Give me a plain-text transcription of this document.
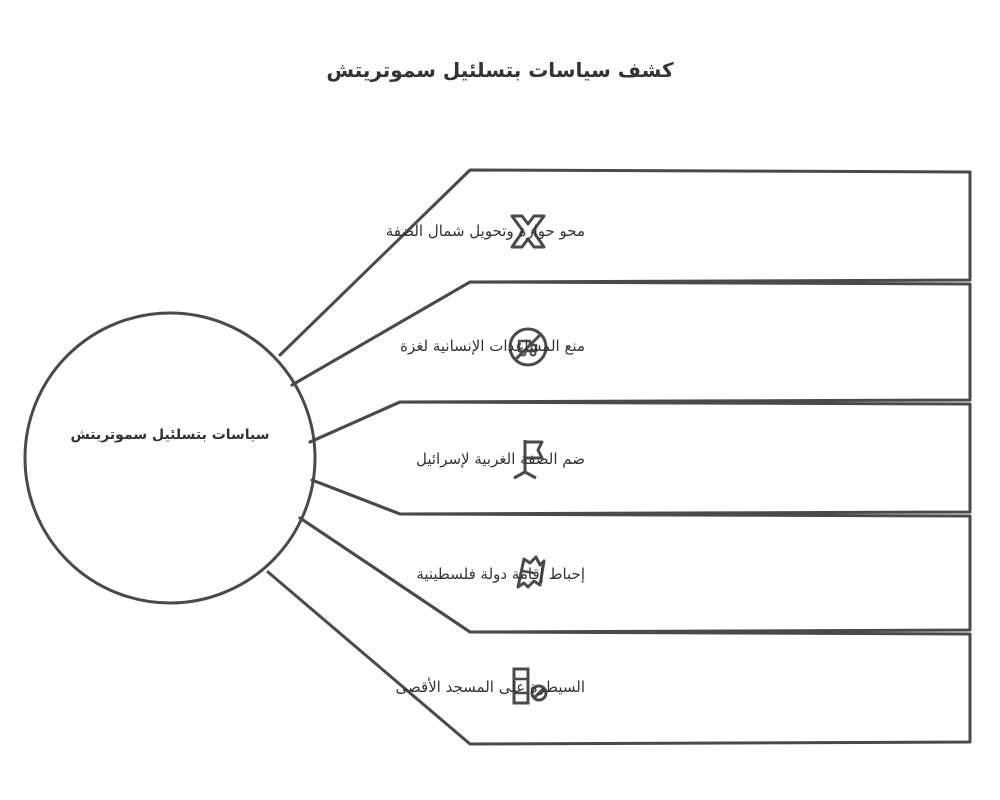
كشف سياسات بتسلئيل سموتريتش
سياسات بتسلئيل سموتريتش
محو حوارة وتحويل شمال الضفة
منع المساعدات الإنسانية لغزة
ضم الضفة الغربية لإسرائيل
إحباط إقامة دولة فلسطينية
السيطرة على المسجد الأقصى
